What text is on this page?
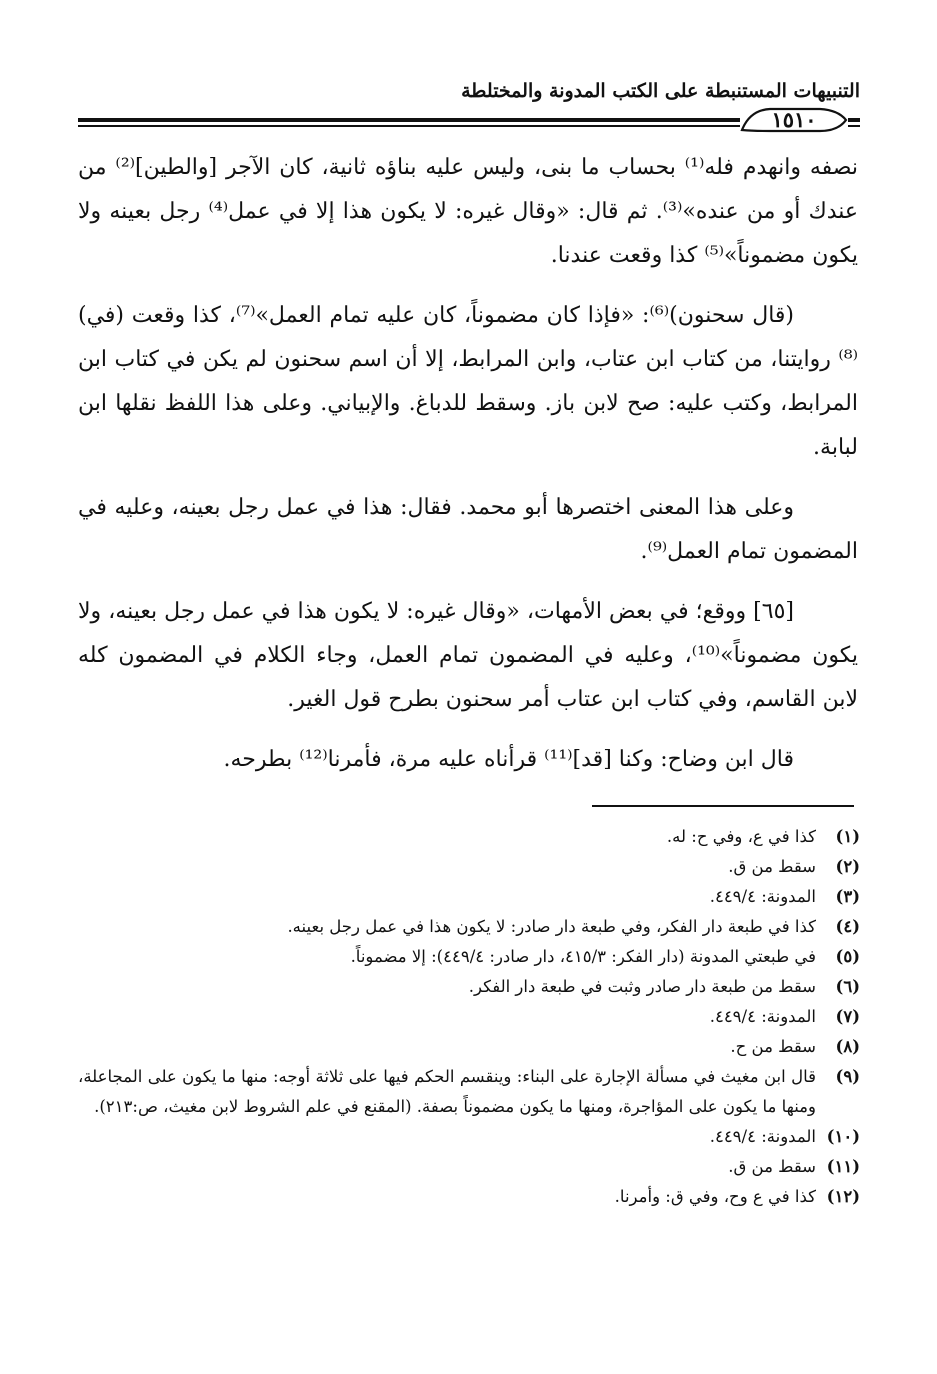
التنبيهات المستنبطة على الكتب المدونة والمختلطة
١٥١٠

نصفه وانهدم فله⁽¹⁾ بحساب ما بنى، وليس عليه بناؤه ثانية، كان الآجر [والطين]⁽²⁾ من عندك أو من عنده»⁽³⁾. ثم قال: «وقال غيره: لا يكون هذا إلا في عمل⁽⁴⁾ رجل بعينه ولا يكون مضموناً»⁽⁵⁾ كذا وقعت عندنا.

(قال سحنون)⁽⁶⁾: «فإذا كان مضموناً، كان عليه تمام العمل»⁽⁷⁾، كذا وقعت (في)⁽⁸⁾ روايتنا، من كتاب ابن عتاب، وابن المرابط، إلا أن اسم سحنون لم يكن في كتاب ابن المرابط، وكتب عليه: صح لابن باز. وسقط للدباغ. والإبياني. وعلى هذا اللفظ نقلها ابن لبابة.

وعلى هذا المعنى اختصرها أبو محمد. فقال: هذا في عمل رجل بعينه، وعليه في المضمون تمام العمل⁽⁹⁾.

[٦٥] ووقع؛ في بعض الأمهات، «وقال غيره: لا يكون هذا في عمل رجل بعينه، ولا يكون مضموناً»⁽¹⁰⁾، وعليه في المضمون تمام العمل، وجاء الكلام في المضمون كله لابن القاسم، وفي كتاب ابن عتاب أمر سحنون بطرح قول الغير.

قال ابن وضاح: وكنا [قد]⁽¹¹⁾ قرأناه عليه مرة، فأمرنا⁽¹²⁾ بطرحه.

(١)
كذا في ع، وفي ح: له.
(٢)
سقط من ق.
(٣)
المدونة: ٤٤٩/٤.
(٤)
كذا في طبعة دار الفكر، وفي طبعة دار صادر: لا يكون هذا في عمل رجل بعينه.
(٥)
في طبعتي المدونة (دار الفكر: ٤١٥/٣، دار صادر: ٤٤٩/٤): إلا مضموناً.
(٦)
سقط من طبعة دار صادر وثبت في طبعة دار الفكر.
(٧)
المدونة: ٤٤٩/٤.
(٨)
سقط من ح.
(٩)
قال ابن مغيث في مسألة الإجارة على البناء: وينقسم الحكم فيها على ثلاثة أوجه: منها ما يكون على المجاعلة، ومنها ما يكون على المؤاجرة، ومنها ما يكون مضموناً بصفة. (المقنع في علم الشروط لابن مغيث، ص:٢١٣).
(١٠)
المدونة: ٤٤٩/٤.
(١١)
سقط من ق.
(١٢)
كذا في ع وح، وفي ق: وأمرنا.
